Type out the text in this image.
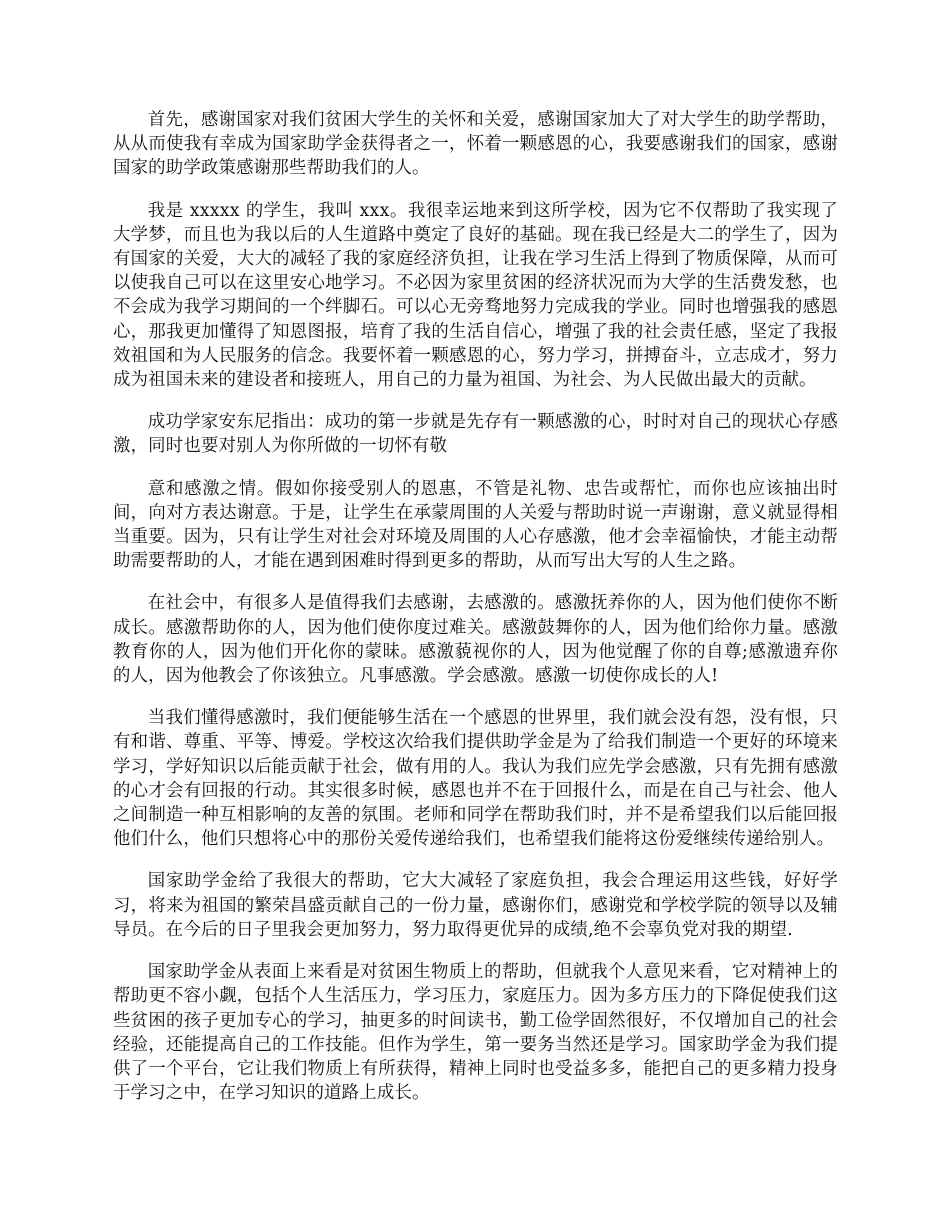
首先，感谢国家对我们贫困大学生的关怀和关爱，感谢国家加大了对大学生的助学帮助，从从而使我有幸成为国家助学金获得者之一，怀着一颗感恩的心，我要感谢我们的国家，感谢国家的助学政策感谢那些帮助我们的人。

我是 xxxxx 的学生，我叫 xxx。我很幸运地来到这所学校，因为它不仅帮助了我实现了大学梦，而且也为我以后的人生道路中奠定了良好的基础。现在我已经是大二的学生了，因为有国家的关爱，大大的减轻了我的家庭经济负担，让我在学习生活上得到了物质保障，从而可以使我自己可以在这里安心地学习。不必因为家里贫困的经济状况而为大学的生活费发愁，也不会成为我学习期间的一个绊脚石。可以心无旁骛地努力完成我的学业。同时也增强我的感恩心，那我更加懂得了知恩图报，培育了我的生活自信心，增强了我的社会责任感，坚定了我报效祖国和为人民服务的信念。我要怀着一颗感恩的心，努力学习，拼搏奋斗，立志成才，努力成为祖国未来的建设者和接班人，用自己的力量为祖国、为社会、为人民做出最大的贡献。

成功学家安东尼指出：成功的第一步就是先存有一颗感激的心，时时对自己的现状心存感激，同时也要对别人为你所做的一切怀有敬

意和感激之情。假如你接受别人的恩惠，不管是礼物、忠告或帮忙，而你也应该抽出时间，向对方表达谢意。于是，让学生在承蒙周围的人关爱与帮助时说一声谢谢，意义就显得相当重要。因为，只有让学生对社会对环境及周围的人心存感激，他才会幸福愉快，才能主动帮助需要帮助的人，才能在遇到困难时得到更多的帮助，从而写出大写的人生之路。

在社会中，有很多人是值得我们去感谢，去感激的。感激抚养你的人，因为他们使你不断成长。感激帮助你的人，因为他们使你度过难关。感激鼓舞你的人，因为他们给你力量。感激教育你的人，因为他们开化你的蒙昧。感激藐视你的人，因为他觉醒了你的自尊;感激遗弃你的人，因为他教会了你该独立。凡事感激。学会感激。感激一切使你成长的人!

当我们懂得感激时，我们便能够生活在一个感恩的世界里，我们就会没有怨，没有恨，只有和谐、尊重、平等、博爱。学校这次给我们提供助学金是为了给我们制造一个更好的环境来学习，学好知识以后能贡献于社会，做有用的人。我认为我们应先学会感激，只有先拥有感激的心才会有回报的行动。其实很多时候，感恩也并不在于回报什么，而是在自己与社会、他人之间制造一种互相影响的友善的氛围。老师和同学在帮助我们时，并不是希望我们以后能回报他们什么，他们只想将心中的那份关爱传递给我们，也希望我们能将这份爱继续传递给别人。

国家助学金给了我很大的帮助，它大大减轻了家庭负担，我会合理运用这些钱，好好学习，将来为祖国的繁荣昌盛贡献自己的一份力量，感谢你们，感谢党和学校学院的领导以及辅导员。在今后的日子里我会更加努力，努力取得更优异的成绩,绝不会辜负党对我的期望.

国家助学金从表面上来看是对贫困生物质上的帮助，但就我个人意见来看，它对精神上的帮助更不容小觑，包括个人生活压力，学习压力，家庭压力。因为多方压力的下降促使我们这些贫困的孩子更加专心的学习，抽更多的时间读书，勤工俭学固然很好，不仅增加自己的社会经验，还能提高自己的工作技能。但作为学生，第一要务当然还是学习。国家助学金为我们提供了一个平台，它让我们物质上有所获得，精神上同时也受益多多，能把自己的更多精力投身于学习之中，在学习知识的道路上成长。
